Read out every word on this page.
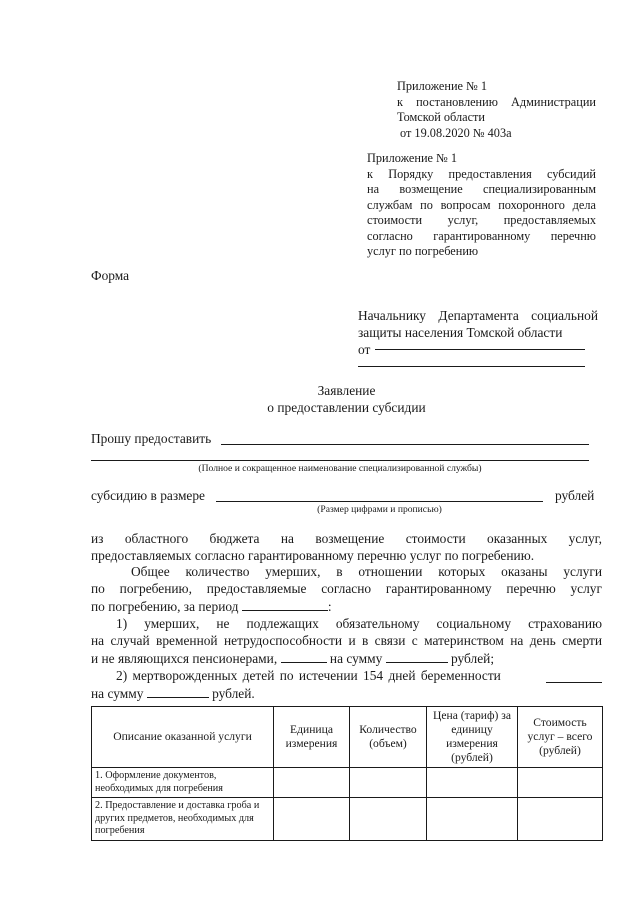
Приложение № 1
к постановлению Администрации
Томской области
от 19.08.2020 № 403а
Приложение № 1
к Порядку предоставления субсидий
на возмещение специализированным
службам по вопросам похоронного дела
стоимости услуг, предоставляемых
согласно гарантированному перечню
услуг по погребению
Форма
Начальнику Департамента социальной
защиты населения Томской области
от
Заявление
о предоставлении субсидии
Прошу предоставить
(Полное и сокращенное наименование специализированной службы)
субсидию в размере	рублей
(Размер цифрами и прописью)
из областного бюджета на возмещение стоимости оказанных услуг,
предоставляемых согласно гарантированному перечню услуг по погребению.
Общее количество умерших, в отношении которых оказаны услуги
по погребению, предоставляемые согласно гарантированному перечню услуг
по погребению, за период	:
1) умерших, не подлежащих обязательному социальному страхованию
на случай временной нетрудоспособности и в связи с материнством на день смерти
и не являющихся пенсионерами,	на сумму	рублей;
2) мертворожденных детей по истечении 154 дней беременности
на сумму	рублей.
Описание оказанной услуги	Единица измерения	Количество (объем)	Цена (тариф) за единицу измерения (рублей)	Стоимость услуг – всего (рублей)
1. Оформление документов, необходимых для погребения				
2. Предоставление и доставка гроба и других предметов, необходимых для погребения				
